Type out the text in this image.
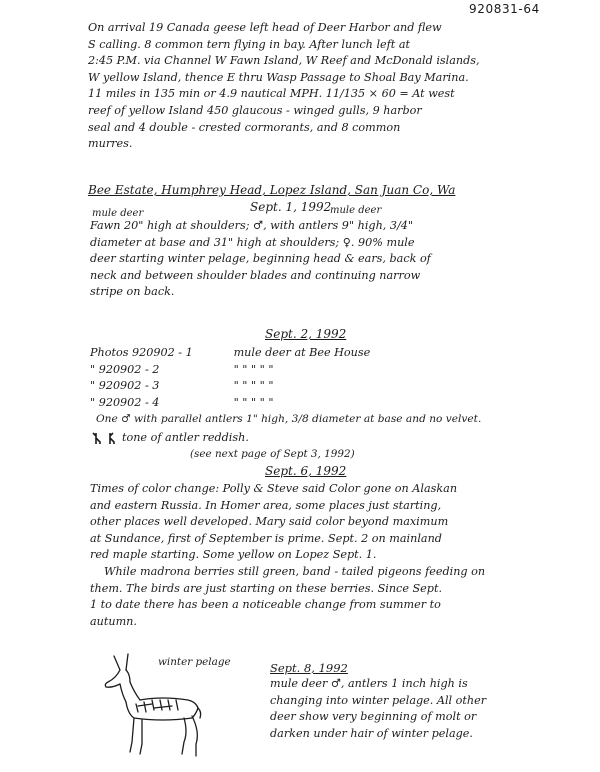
920831-64
On arrival 19 Canada geese left head of Deer Harbor and flew
S calling. 8 common tern flying in bay. After lunch left at
2:45 P.M. via Channel W Fawn Island, W Reef and McDonald islands,
W yellow Island, thence E thru Wasp Passage to Shoal Bay Marina.
11 miles in 135 min or 4.9 nautical MPH. 11/135 × 60 = At west
reef of yellow Island 450 glaucous - winged gulls, 9 harbor
seal and 4 double - crested cormorants, and 8 common
murres.
Bee Estate, Humphrey Head, Lopez Island, San Juan Co, Wa
Sept. 1, 1992
mule deer	mule deer
Fawn 20" high at shoulders; ♂, with antlers 9" high, 3/4"
diameter at base and 31" high at shoulders; ♀. 90% mule
deer starting winter pelage, beginning head & ears, back of
neck and between shoulder blades and continuing narrow
stripe on back.
Sept. 2, 1992
Photos 920902 - 1	mule deer at Bee House
" 920902 - 2	" " " " "
" 920902 - 3	" " " " "
" 920902 - 4	" " " " "
One ♂ with parallel antlers 1" high, 3/8 diameter at base and no velvet.
tone of antler reddish.
(see next page of Sept 3, 1992)
Sept. 6, 1992
Times of color change: Polly & Steve said Color gone on Alaskan
and eastern Russia. In Homer area, some places just starting,
other places well developed. Mary said color beyond maximum
at Sundance, first of September is prime. Sept. 2 on mainland
red maple starting. Some yellow on Lopez Sept. 1.
While madrona berries still green, band - tailed pigeons feeding on
them. The birds are just starting on these berries. Since Sept.
1 to date there has been a noticeable change from summer to
autumn.
winter pelage	Sept. 8, 1992
mule deer ♂, antlers 1 inch high is
changing into winter pelage. All other
deer show very beginning of molt or
darken under hair of winter pelage.
